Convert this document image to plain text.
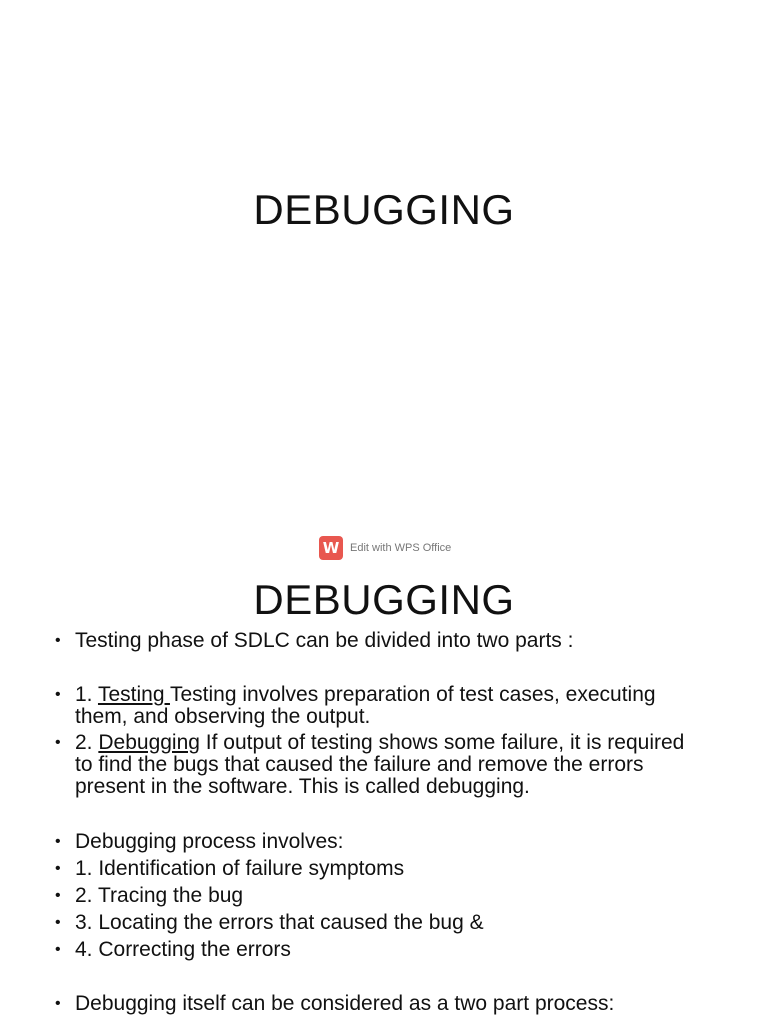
DEBUGGING
W Edit with WPS Office
DEBUGGING
• Testing phase of SDLC can be divided into two parts :
• 1. Testing Testing involves preparation of test cases, executing them, and observing the output.
• 2. Debugging If output of testing shows some failure, it is required to find the bugs that caused the failure and remove the errors present in the software. This is called debugging.
• Debugging process involves:
• 1. Identification of failure symptoms
• 2. Tracing the bug
• 3. Locating the errors that caused the bug &
• 4. Correcting the errors
• Debugging itself can be considered as a two part process:
